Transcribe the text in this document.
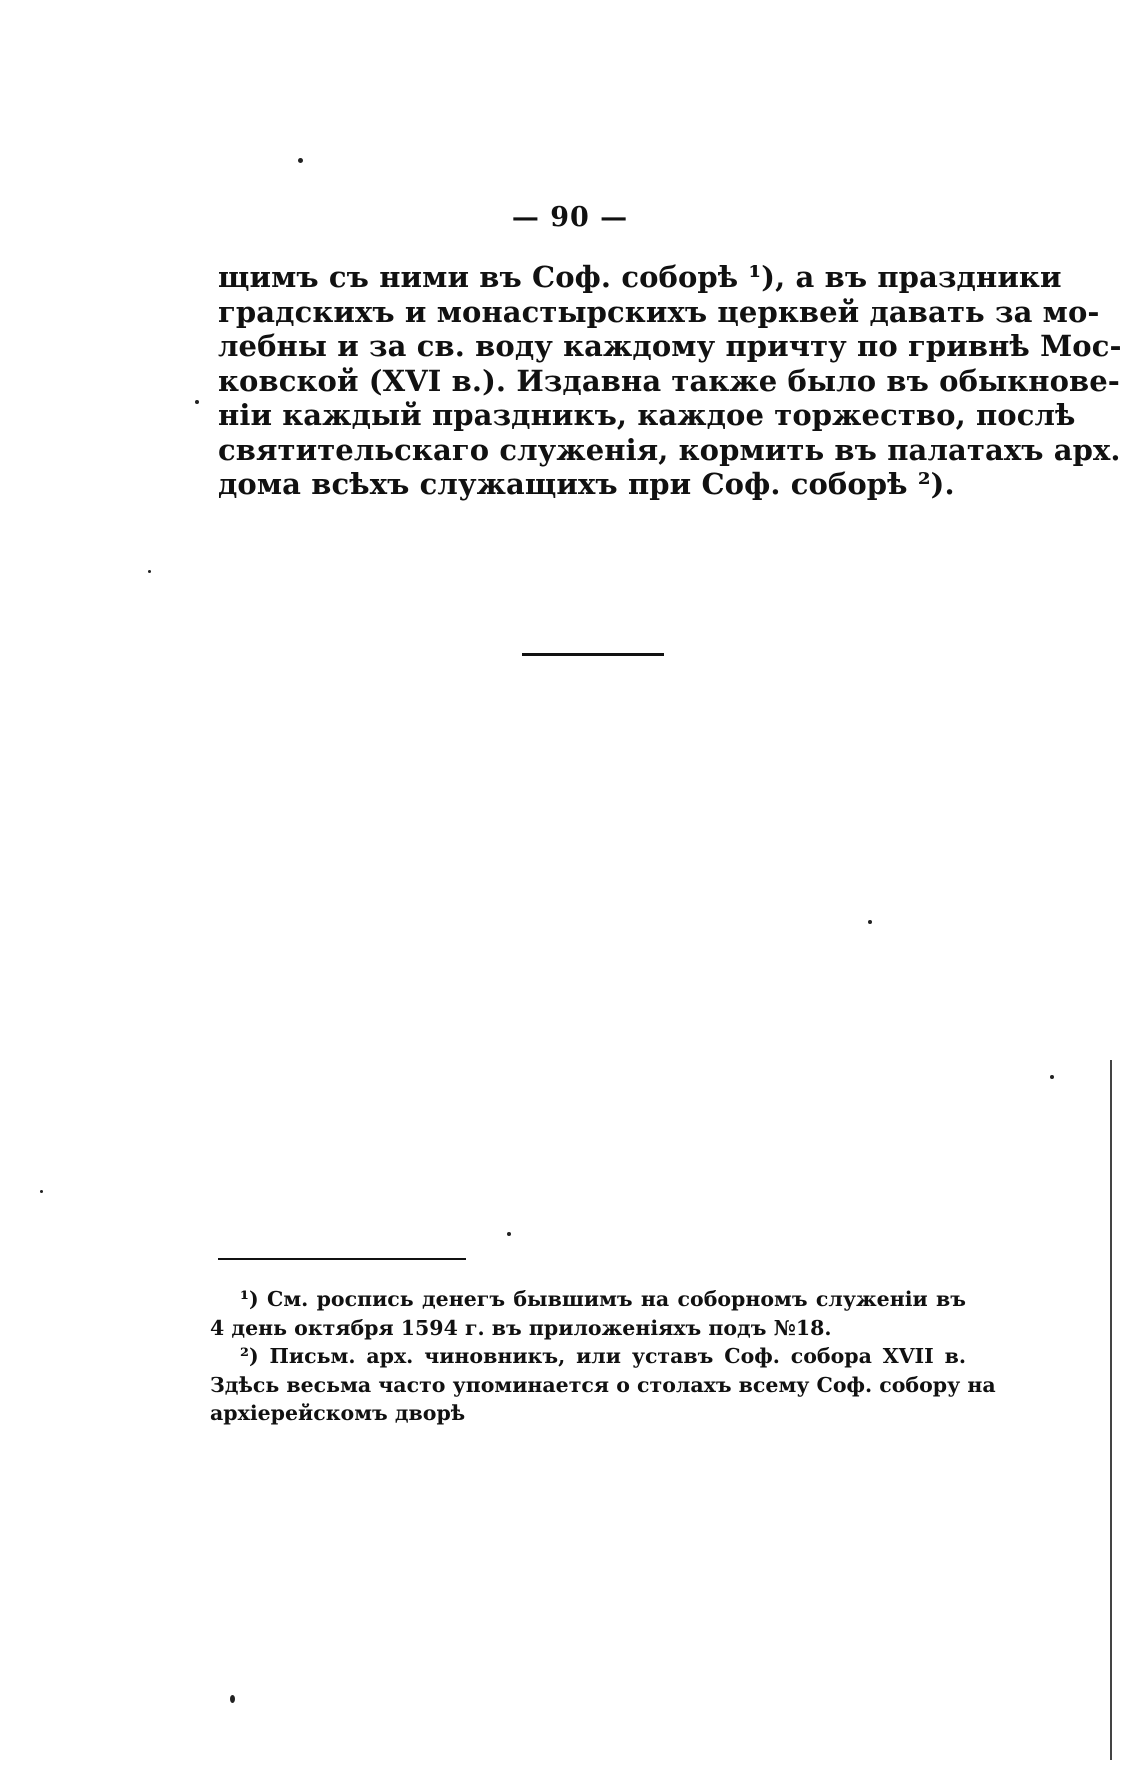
— 90 —
щимъ съ ними въ Соф. соборѣ ¹), а въ праздники
градскихъ и монастырскихъ церквей давать за мо-
лебны и за св. воду каждому причту по гривнѣ Мос-
ковской (XVI в.). Издавна также было въ обыкнове-
ніи каждый праздникъ, каждое торжество, послѣ
святительскаго служенія, кормить въ палатахъ арх.
дома всѣхъ служащихъ при Соф. соборѣ ²).
¹) См. роспись денегъ бывшимъ на соборномъ служеніи въ
4 день октября 1594 г. въ приложеніяхъ подъ №18.
²) Письм. арх. чиновникъ, или уставъ Соф. собора XVII в.
Здѣсь весьма часто упоминается о столахъ всему Соф. собору на
архіерейскомъ дворѣ
